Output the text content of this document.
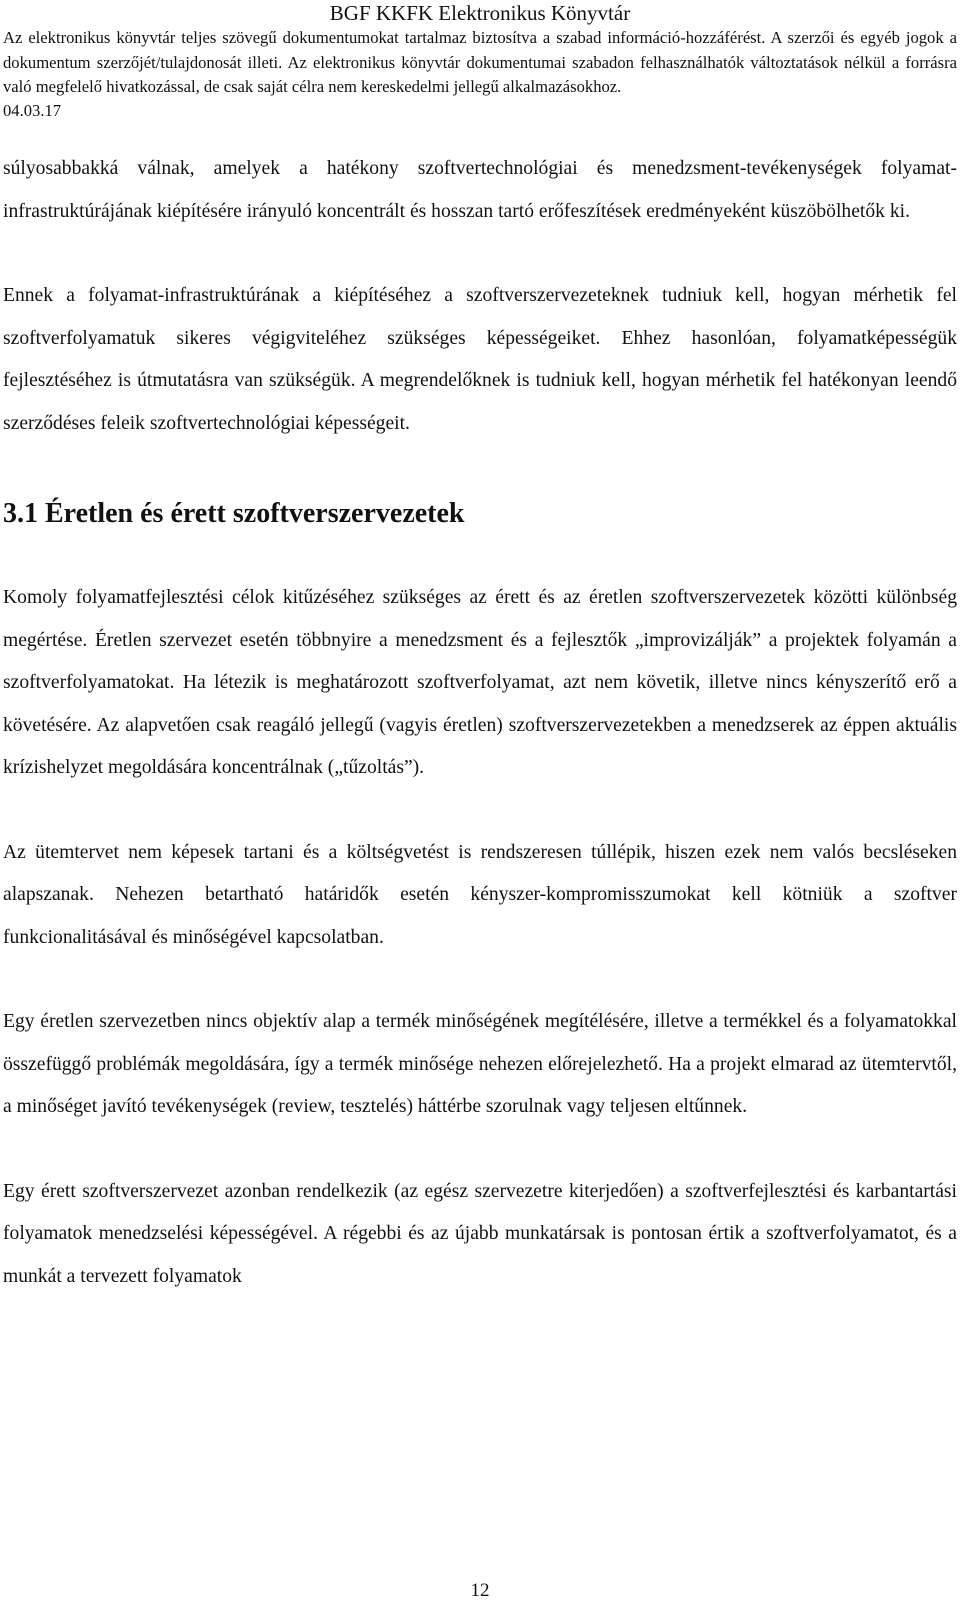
BGF KKFK Elektronikus Könyvtár

Az elektronikus könyvtár teljes szövegű dokumentumokat tartalmaz biztosítva a szabad információ-hozzáférést. A szerzői és egyéb jogok a dokumentum szerzőjét/tulajdonosát illeti. Az elektronikus könyvtár dokumentumai szabadon felhasználhatók változtatások nélkül a forrásra való megfelelő hivatkozással, de csak saját célra nem kereskedelmi jellegű alkalmazásokhoz.

04.03.17

súlyosabbakká válnak, amelyek a hatékony szoftvertechnológiai és menedzsment-tevékenységek folyamat-infrastruktúrájának kiépítésére irányuló koncentrált és hosszan tartó erőfeszítések eredményeként küszöbölhetők ki.

Ennek a folyamat-infrastruktúrának a kiépítéséhez a szoftverszervezeteknek tudniuk kell, hogyan mérhetik fel szoftverfolyamatuk sikeres végigviteléhez szükséges képességeiket. Ehhez hasonlóan, folyamatképességük fejlesztéséhez is útmutatásra van szükségük. A megrendelőknek is tudniuk kell, hogyan mérhetik fel hatékonyan leendő szerződéses feleik szoftvertechnológiai képességeit.

3.1 Éretlen és érett szoftverszervezetek

Komoly folyamatfejlesztési célok kitűzéséhez szükséges az érett és az éretlen szoftverszervezetek közötti különbség megértése. Éretlen szervezet esetén többnyire a menedzsment és a fejlesztők „improvizálják” a projektek folyamán a szoftverfolyamatokat. Ha létezik is meghatározott szoftverfolyamat, azt nem követik, illetve nincs kényszerítő erő a követésére. Az alapvetően csak reagáló jellegű (vagyis éretlen) szoftverszervezetekben a menedzserek az éppen aktuális krízishelyzet megoldására koncentrálnak („tűzoltás”).

Az ütemtervet nem képesek tartani és a költségvetést is rendszeresen túllépik, hiszen ezek nem valós becsléseken alapszanak. Nehezen betartható határidők esetén kényszer-kompromisszumokat kell kötniük a szoftver funkcionalitásával és minőségével kapcsolatban.

Egy éretlen szervezetben nincs objektív alap a termék minőségének megítélésére, illetve a termékkel és a folyamatokkal összefüggő problémák megoldására, így a termék minősége nehezen előrejelezhető. Ha a projekt elmarad az ütemtervtől, a minőséget javító tevékenységek (review, tesztelés) háttérbe szorulnak vagy teljesen eltűnnek.

Egy érett szoftverszervezet azonban rendelkezik (az egész szervezetre kiterjedően) a szoftverfejlesztési és karbantartási folyamatok menedzselési képességével. A régebbi és az újabb munkatársak is pontosan értik a szoftverfolyamatot, és a munkát a tervezett folyamatok

12
